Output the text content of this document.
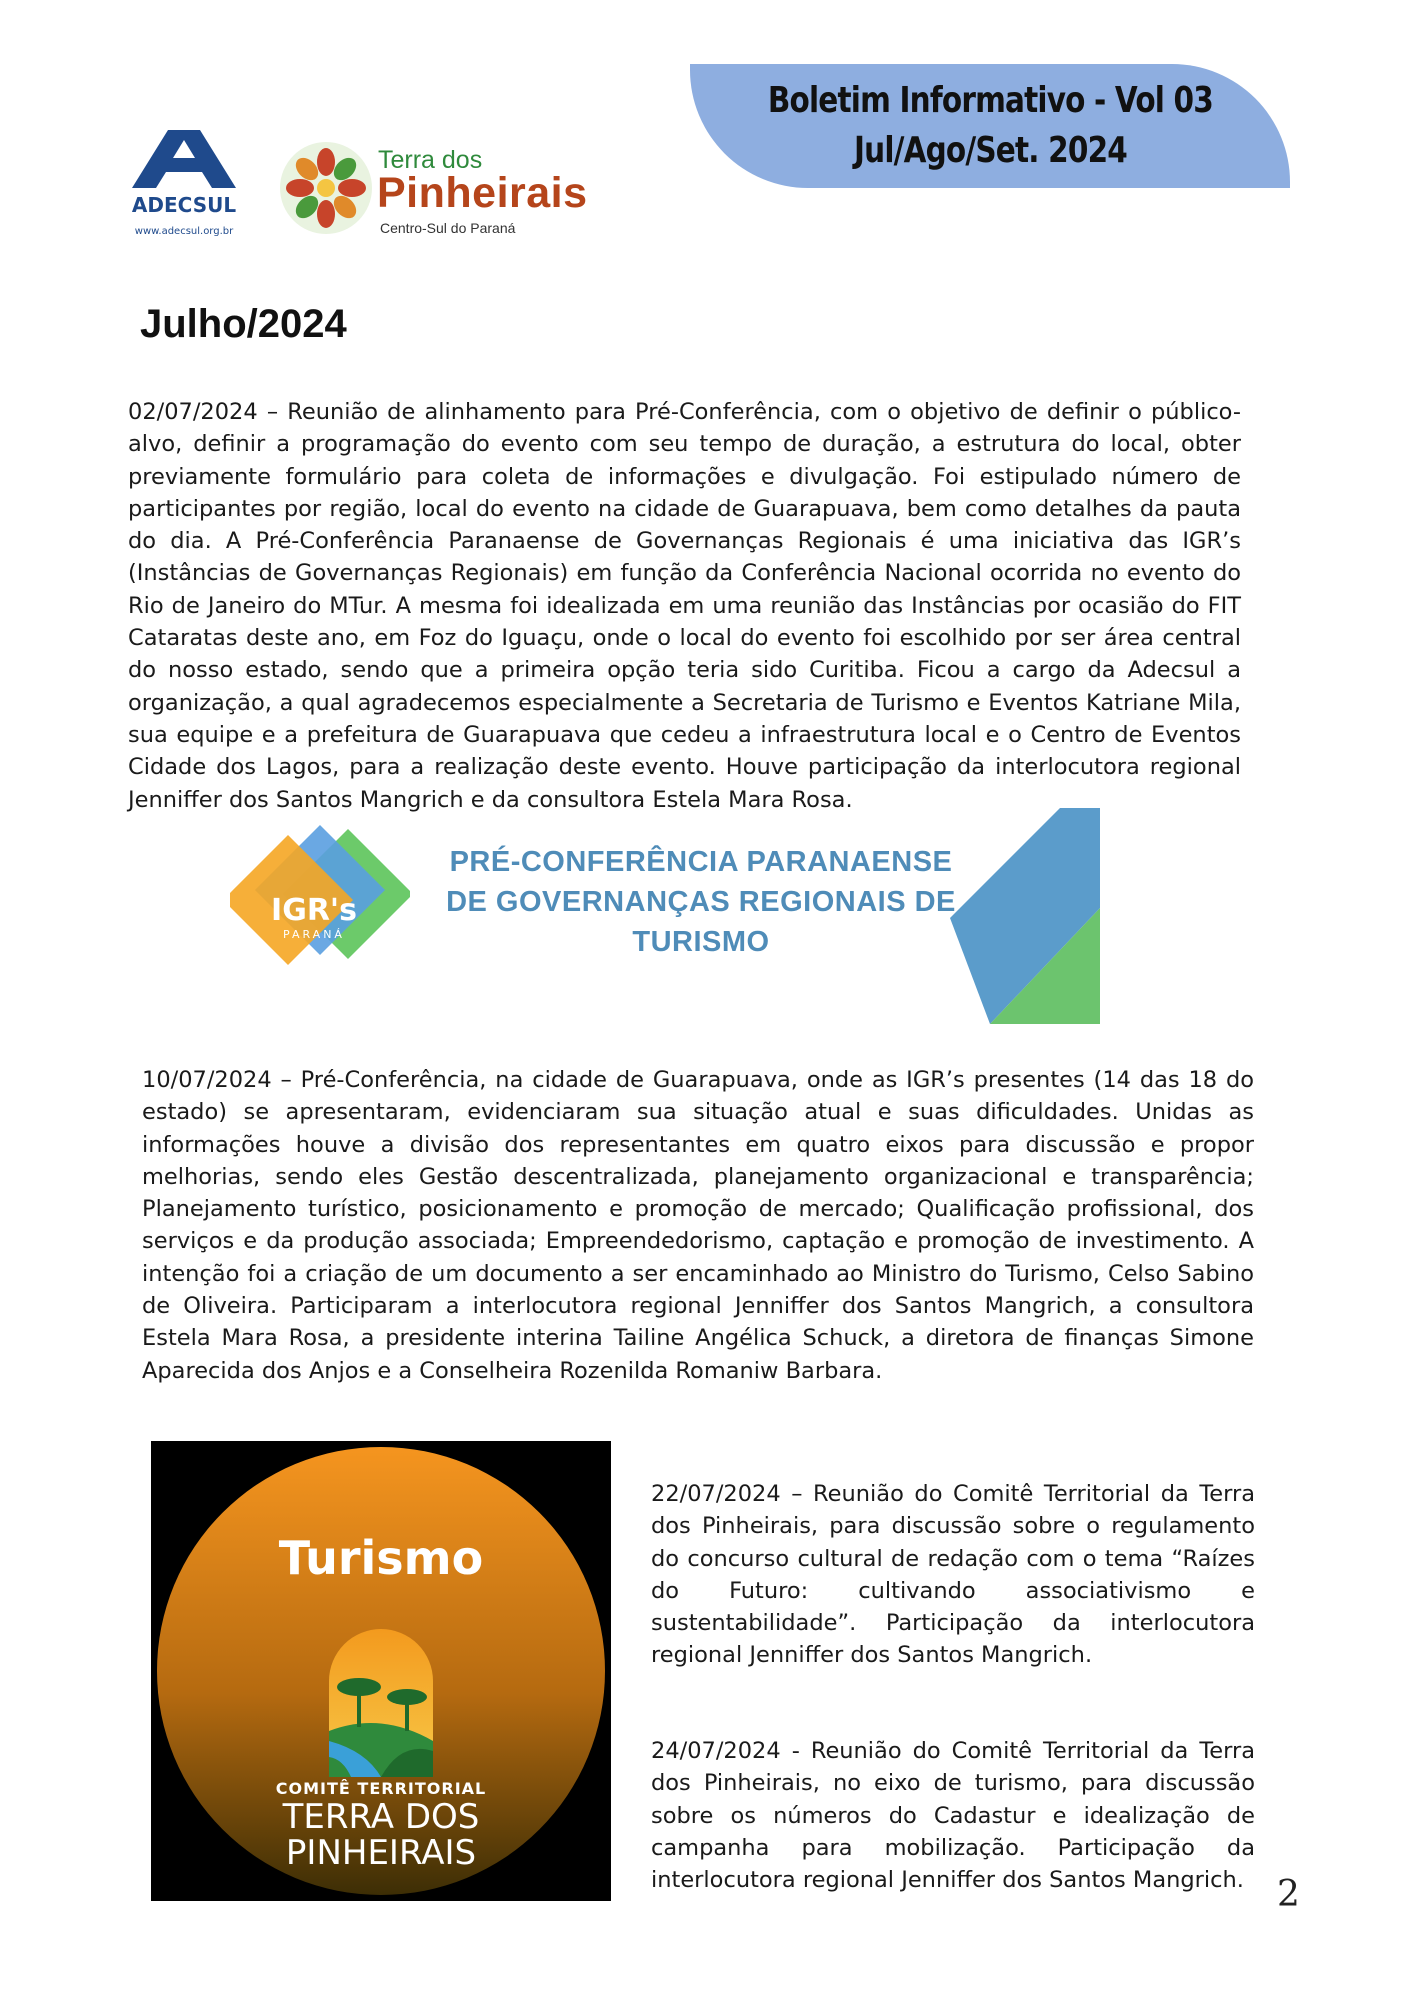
Boletim Informativo - Vol 03
Jul/Ago/Set. 2024
ADECSUL
www.adecsul.org.br
Terra dos
Pinheirais
Centro-Sul do Paraná
Julho/2024

02/07/2024 – Reunião de alinhamento para Pré-Conferência, com o objetivo de definir o público-alvo, definir a programação do evento com seu tempo de duração, a estrutura do local, obter previamente formulário para coleta de informações e divulgação. Foi estipulado número de participantes por região, local do evento na cidade de Guarapuava, bem como detalhes da pauta do dia. A Pré-Conferência Paranaense de Governanças Regionais é uma iniciativa das IGR’s (Instâncias de Governanças Regionais) em função da Conferência Nacional ocorrida no evento do Rio de Janeiro do MTur. A mesma foi idealizada em uma reunião das Instâncias por ocasião do FIT Cataratas deste ano, em Foz do Iguaçu, onde o local do evento foi escolhido por ser área central do nosso estado, sendo que a primeira opção teria sido Curitiba. Ficou a cargo da Adecsul a organização, a qual agradecemos especialmente a Secretaria de Turismo e Eventos Katriane Mila, sua equipe e a prefeitura de Guarapuava que cedeu a infraestrutura local e o Centro de Eventos Cidade dos Lagos, para a realização deste evento. Houve participação da interlocutora regional Jenniffer dos Santos Mangrich e da consultora Estela Mara Rosa.

IGR's
PARANÁ
PRÉ-CONFERÊNCIA PARANAENSE
DE GOVERNANÇAS REGIONAIS DE
TURISMO

10/07/2024 – Pré-Conferência, na cidade de Guarapuava, onde as IGR’s presentes (14 das 18 do estado) se apresentaram, evidenciaram sua situação atual e suas dificuldades. Unidas as informações houve a divisão dos representantes em quatro eixos para discussão e propor melhorias, sendo eles Gestão descentralizada, planejamento organizacional e transparência; Planejamento turístico, posicionamento e promoção de mercado; Qualificação profissional, dos serviços e da produção associada; Empreendedorismo, captação e promoção de investimento. A intenção foi a criação de um documento a ser encaminhado ao Ministro do Turismo, Celso Sabino de Oliveira. Participaram a interlocutora regional Jenniffer dos Santos Mangrich, a consultora Estela Mara Rosa, a presidente interina Tailine Angélica Schuck, a diretora de finanças Simone Aparecida dos Anjos e a Conselheira Rozenilda Romaniw Barbara.

Turismo
COMITÊ TERRITORIAL
TERRA DOS
PINHEIRAIS

22/07/2024 – Reunião do Comitê Territorial da Terra dos Pinheirais, para discussão sobre o regulamento do concurso cultural de redação com o tema “Raízes do Futuro: cultivando associativismo e sustentabilidade”. Participação da interlocutora regional Jenniffer dos Santos Mangrich.

24/07/2024 - Reunião do Comitê Territorial da Terra dos Pinheirais, no eixo de turismo, para discussão sobre os números do Cadastur e idealização de campanha para mobilização. Participação da interlocutora regional Jenniffer dos Santos Mangrich. 2
